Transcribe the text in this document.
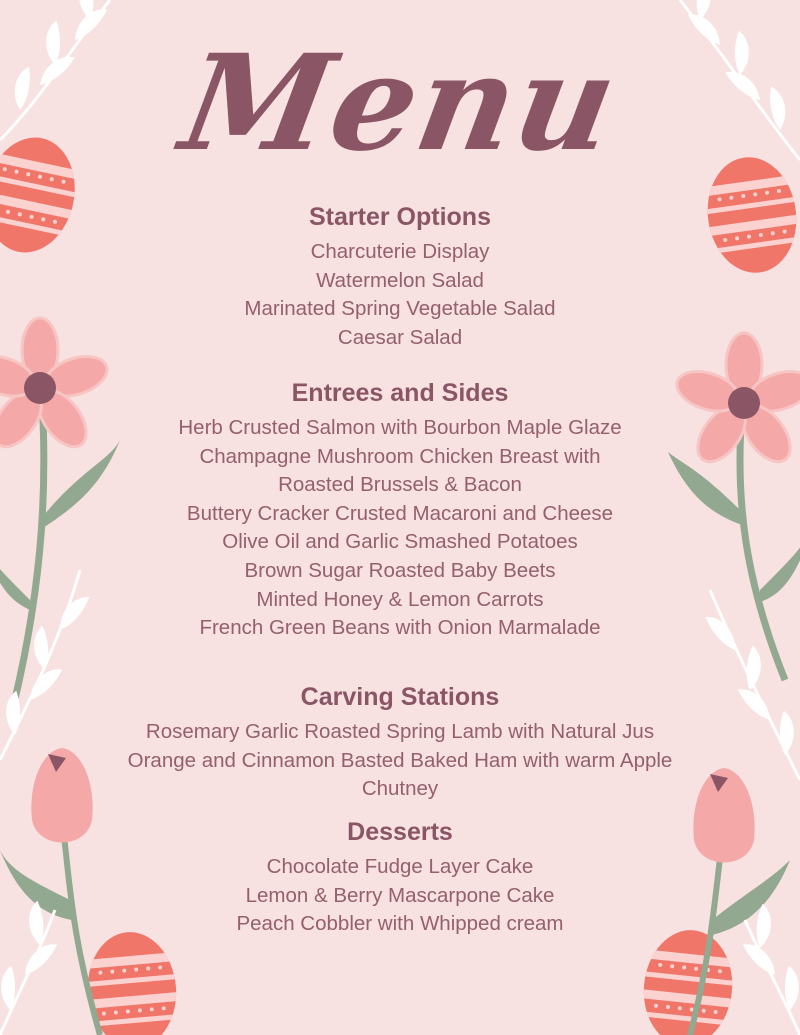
Menu
Starter Options
Charcuterie Display
Watermelon Salad
Marinated Spring Vegetable Salad
Caesar Salad
Entrees and Sides
Herb Crusted Salmon with Bourbon Maple Glaze
Champagne Mushroom Chicken Breast with
Roasted Brussels & Bacon
Buttery Cracker Crusted Macaroni and Cheese
Olive Oil and Garlic Smashed Potatoes
Brown Sugar Roasted Baby Beets
Minted Honey & Lemon Carrots
French Green Beans with Onion Marmalade
Carving Stations
Rosemary Garlic Roasted Spring Lamb with Natural Jus
Orange and Cinnamon Basted Baked Ham with warm Apple
Chutney
Desserts
Chocolate Fudge Layer Cake
Lemon & Berry Mascarpone Cake
Peach Cobbler with Whipped cream
